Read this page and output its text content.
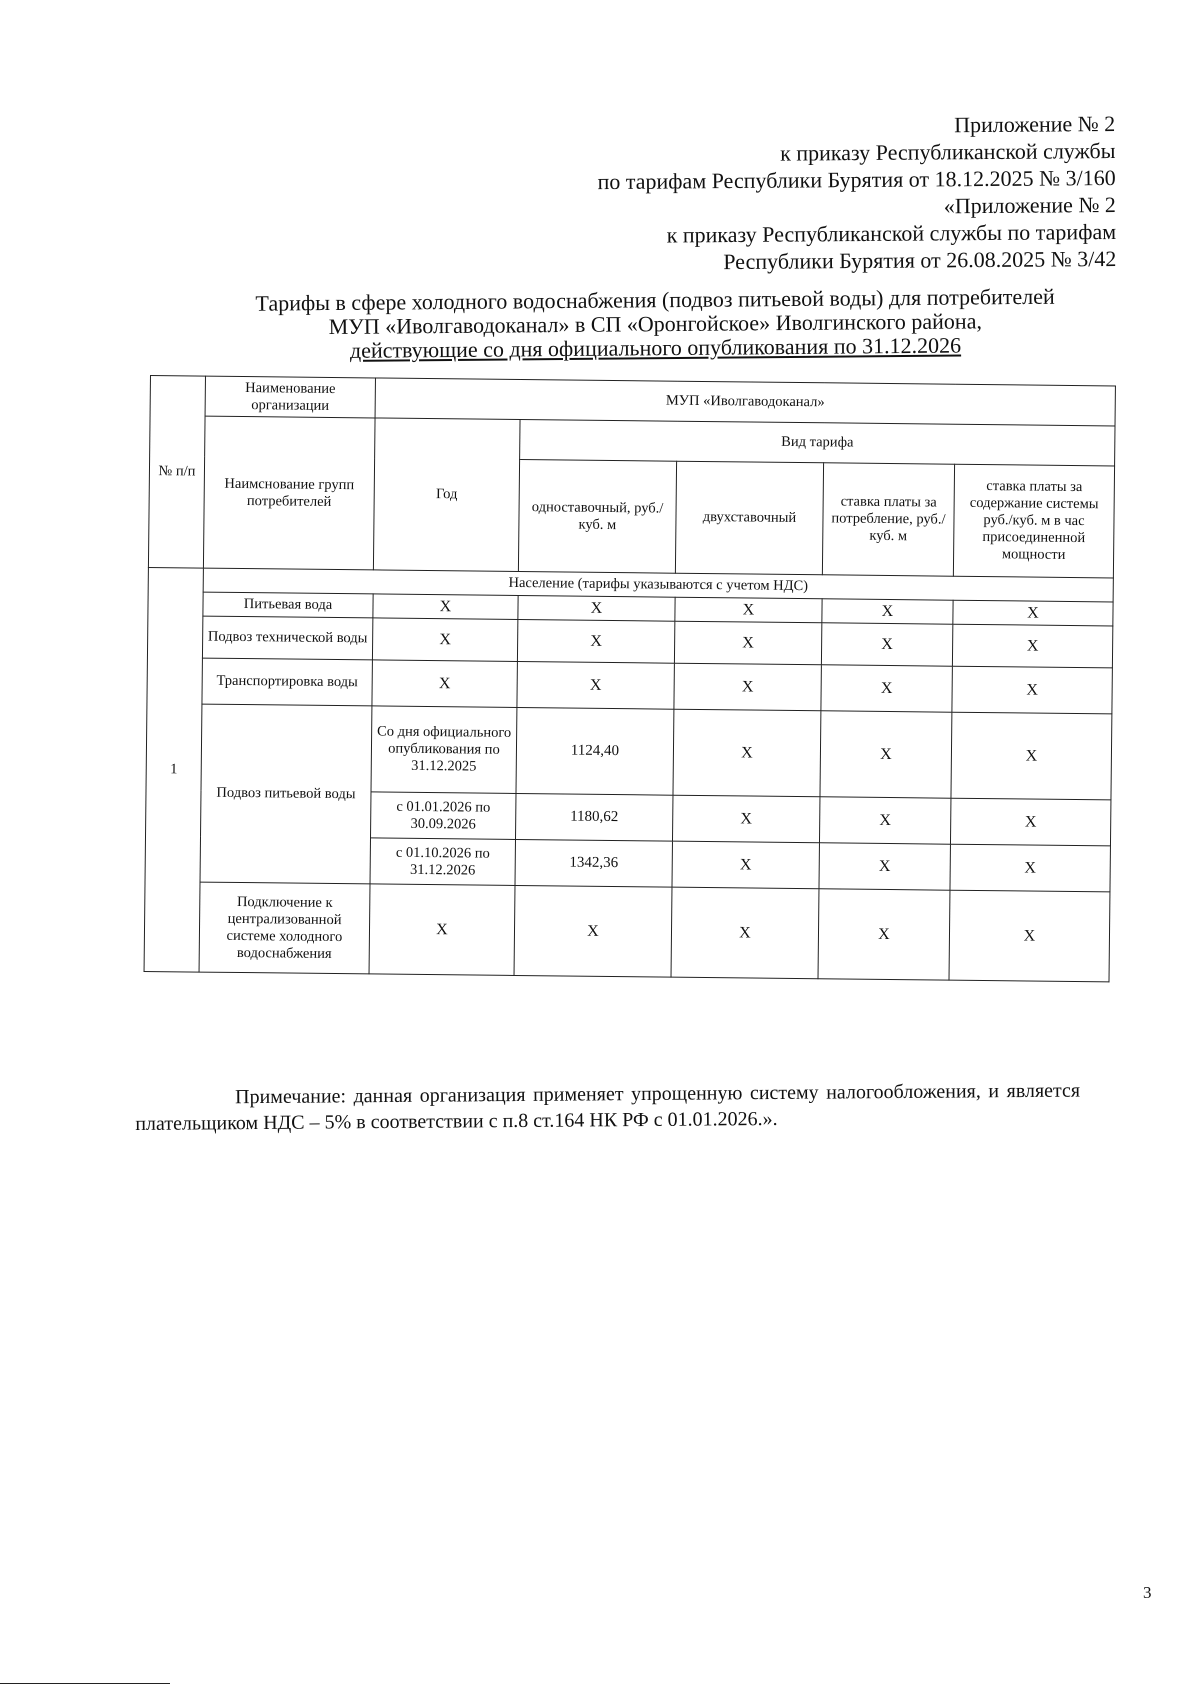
Приложение № 2
к приказу Республиканской службы
по тарифам Республики Бурятия от 18.12.2025 № 3/160
«Приложение № 2
к приказу Республиканской службы по тарифам
Республики Бурятия от 26.08.2025 № 3/42
Тарифы в сфере холодного водоснабжения (подвоз питьевой воды) для потребителей
МУП «Иволгаводоканал» в СП «Оронгойское» Иволгинского района,
действующие со дня официального опубликования по 31.12.2026
№ п/п	Наименование организации	МУП «Иволгаводоканал»				
	Наимснование групп потребителей	Год	Вид тарифа			
			одноставочный, руб./ куб. м	двухставочный	ставка платы за потребление, руб./ куб. м	ставка платы за содержание системы руб./куб. м в час присоединенной мощности
1	Население (тарифы указываются с учетом НДС)					
	Питьевая вода	X	X	X	X	X
	Подвоз технической воды	X	X	X	X	X
	Транспортировка воды	X	X	X	X	X
	Подвоз питьевой воды	Со дня официального опубликования по 31.12.2025	1124,40	X	X	X
		с 01.01.2026 по 30.09.2026	1180,62	X	X	X
		с 01.10.2026 по 31.12.2026	1342,36	X	X	X
	Подключение к централизованной системе холодного водоснабжения	X	X	X	X	X
Примечание: данная организация применяет упрощенную систему налогообложения, и является плательщиком НДС – 5% в соответствии с п.8 ст.164 НК РФ с 01.01.2026.».
3
